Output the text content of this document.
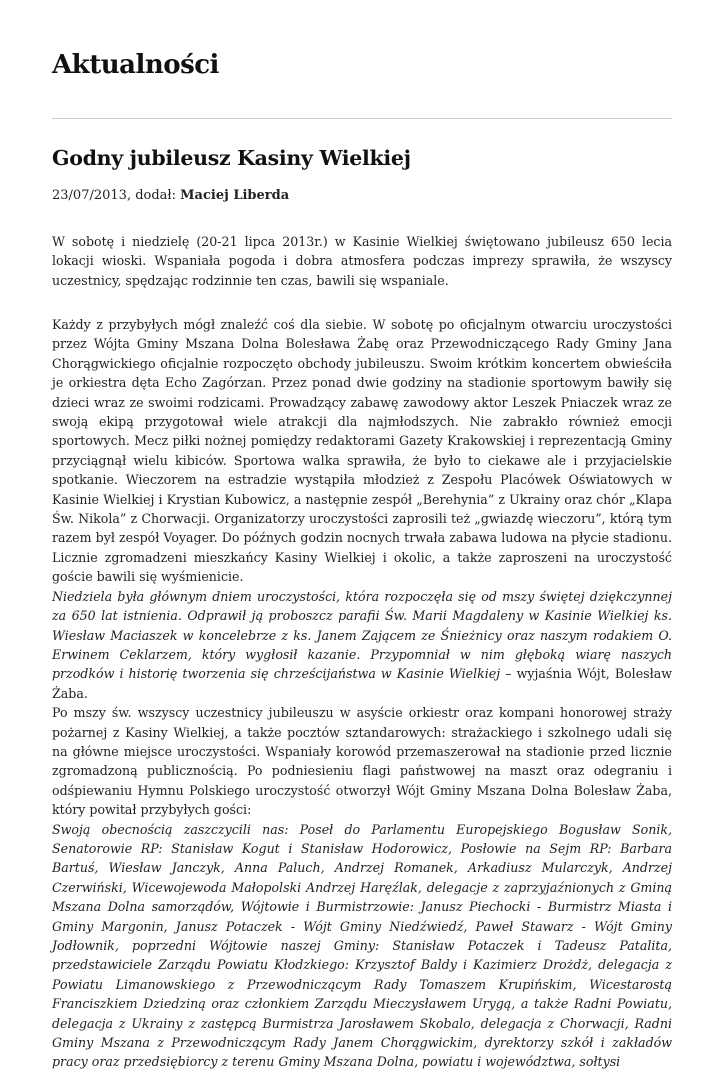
Aktualności
Godny jubileusz Kasiny Wielkiej
23/07/2013, dodał: Maciej Liberda

W sobotę i niedzielę (20-21 lipca 2013r.) w Kasinie Wielkiej świętowano jubileusz 650 lecia lokacji wioski. Wspaniała pogoda i dobra atmosfera podczas imprezy sprawiła, że wszyscy uczestnicy, spędzając rodzinnie ten czas, bawili się wspaniale.

Każdy z przybyłych mógł znaleźć coś dla siebie. W sobotę po oficjalnym otwarciu uroczystości przez Wójta Gminy Mszana Dolna Bolesława Żabę oraz Przewodniczącego Rady Gminy Jana Chorągwickiego oficjalnie rozpoczęto obchody jubileuszu. Swoim krótkim koncertem obwieściła je orkiestra dęta Echo Zagórzan. Przez ponad dwie godziny na stadionie sportowym bawiły się dzieci wraz ze swoimi rodzicami. Prowadzący zabawę zawodowy aktor Leszek Pniaczek wraz ze swoją ekipą przygotował wiele atrakcji dla najmłodszych. Nie zabrakło również emocji sportowych. Mecz piłki nożnej pomiędzy redaktorami Gazety Krakowskiej i reprezentacją Gminy przyciągnął wielu kibiców. Sportowa walka sprawiła, że było to ciekawe ale i przyjacielskie spotkanie. Wieczorem na estradzie wystąpiła młodzież z Zespołu Placówek Oświatowych w Kasinie Wielkiej i Krystian Kubowicz, a następnie zespół „Berehynia” z Ukrainy oraz chór „Klapa Św. Nikola” z Chorwacji. Organizatorzy uroczystości zaprosili też „gwiazdę wieczoru”, którą tym razem był zespół Voyager. Do późnych godzin nocnych trwała zabawa ludowa na płycie stadionu. Licznie zgromadzeni mieszkańcy Kasiny Wielkiej i okolic, a także zaproszeni na uroczystość goście bawili się wyśmienicie.

Niedziela była głównym dniem uroczystości, która rozpoczęła się od mszy świętej dziękczynnej za 650 lat istnienia. Odprawił ją proboszcz parafii Św. Marii Magdaleny w Kasinie Wielkiej ks. Wiesław Maciaszek w koncelebrze z ks. Janem Zającem ze Śnieżnicy oraz naszym rodakiem O. Erwinem Ceklarzem, który wygłosił kazanie. Przypomniał w nim głęboką wiarę naszych przodków i historię tworzenia się chrześcijaństwa w Kasinie Wielkiej – wyjaśnia Wójt, Bolesław Żaba.

Po mszy św. wszyscy uczestnicy jubileuszu w asyście orkiestr oraz kompani honorowej straży pożarnej z Kasiny Wielkiej, a także pocztów sztandarowych: strażackiego i szkolnego udali się na główne miejsce uroczystości. Wspaniały korowód przemaszerował na stadionie przed licznie zgromadzoną publicznością. Po podniesieniu flagi państwowej na maszt oraz odegraniu i odśpiewaniu Hymnu Polskiego uroczystość otworzył Wójt Gminy Mszana Dolna Bolesław Żaba, który powitał przybyłych gości:

Swoją obecnością zaszczycili nas: Poseł do Parlamentu Europejskiego Bogusław Sonik, Senatorowie RP: Stanisław Kogut i Stanisław Hodorowicz, Posłowie na Sejm RP: Barbara Bartuś, Wiesław Janczyk, Anna Paluch, Andrzej Romanek, Arkadiusz Mularczyk, Andrzej Czerwiński, Wicewojewoda Małopolski Andrzej Haręźlak, delegacje z zaprzyjaźnionych z Gminą Mszana Dolna samorządów, Wójtowie i Burmistrzowie: Janusz Piechocki - Burmistrz Miasta i Gminy Margonin, Janusz Potaczek - Wójt Gminy Niedźwiedź, Paweł Stawarz - Wójt Gminy Jodłownik, poprzedni Wójtowie naszej Gminy: Stanisław Potaczek i Tadeusz Patalita, przedstawiciele Zarządu Powiatu Kłodzkiego: Krzysztof Baldy i Kazimierz Drożdż, delegacja z Powiatu Limanowskiego z Przewodniczącym Rady Tomaszem Krupińskim, Wicestarostą Franciszkiem Dziedziną oraz członkiem Zarządu Mieczysławem Urygą, a także Radni Powiatu, delegacja z Ukrainy z zastępcą Burmistrza Jarosławem Skobalo, delegacja z Chorwacji, Radni Gminy Mszana z Przewodniczącym Rady Janem Chorągwickim, dyrektorzy szkół i zakładów pracy oraz przedsiębiorcy z terenu Gminy Mszana Dolna, powiatu i województwa, sołtysi
